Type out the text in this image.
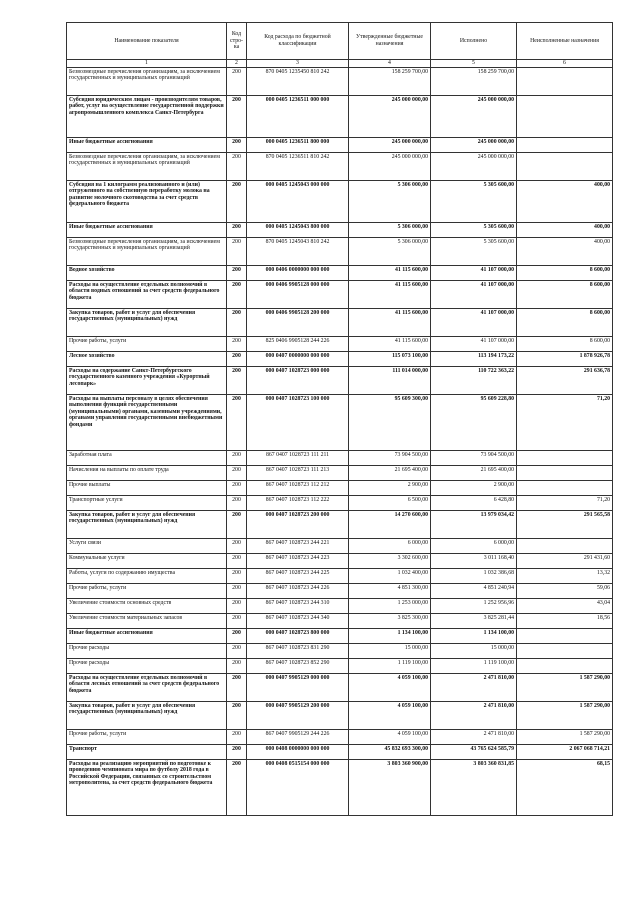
Наименование показателя	Код стро-ка	Код расхода по бюджетной классификации	Утвержденные бюджетные назначения	Исполнено	Неисполненные назначения
1	2	3	4	5	6
Безвозмездные перечисления организациям, за исключением государственных и муниципальных организаций	200	870 0405 1235450 810 242	158 259 700,00	158 259 700,00	
Субсидия юридическим лицам - производителям товаров, работ, услуг на осуществление государственной поддержки агропромышленного комплекса Санкт-Петербурга	200	000 0405 1236511 000 000	245 000 000,00	245 000 000,00	
Иные бюджетные ассигнования	200	000 0405 1236511 800 000	245 000 000,00	245 000 000,00	
Безвозмездные перечисления организациям, за исключением государственных и муниципальных организаций	200	870 0405 1236511 810 242	245 000 000,00	245 000 000,00	
Субсидия на 1 килограмм реализованного и (или) отгруженного на собственную переработку молока на развитие молочного скотоводства за счет средств федерального бюджета	200	000 0405 1245043 000 000	5 306 000,00	5 305 600,00	400,00
Иные бюджетные ассигнования	200	000 0405 1245043 800 000	5 306 000,00	5 305 600,00	400,00
Безвозмездные перечисления организациям, за исключением государственных и муниципальных организаций	200	870 0405 1245043 810 242	5 306 000,00	5 305 600,00	400,00
Водное хозяйство	200	000 0406 0000000 000 000	41 115 600,00	41 107 000,00	8 600,00
Расходы на осуществление отдельных полномочий в области водных отношений за счет средств федерального бюджета	200	000 0406 9905128 000 000	41 115 600,00	41 107 000,00	8 600,00
Закупка товаров, работ и услуг для обеспечения государственных (муниципальных) нужд	200	000 0406 9905128 200 000	41 115 600,00	41 107 000,00	8 600,00
Прочие работы, услуги	200	825 0406 9905128 244 226	41 115 600,00	41 107 000,00	8 600,00
Лесное хозяйство	200	000 0407 0000000 000 000	115 073 100,00	113 194 173,22	1 878 926,78
Расходы на содержание Санкт-Петербургского государственного казенного учреждения «Курортный лесопарк»	200	000 0407 1028723 000 000	111 014 000,00	110 722 363,22	291 636,78
Расходы на выплаты персоналу в целях обеспечения выполнения функций государственными (муниципальными) органами, казенными учреждениями, органами управления государственными внебюджетными фондами	200	000 0407 1028723 100 000	95 609 300,00	95 609 228,80	71,20
Заработная плата	200	867 0407 1028723 111 211	73 904 500,00	73 904 500,00	
Начисления на выплаты по оплате труда	200	867 0407 1028723 111 213	21 695 400,00	21 695 400,00	
Прочие выплаты	200	867 0407 1028723 112 212	2 900,00	2 900,00	
Транспортные услуги	200	867 0407 1028723 112 222	6 500,00	6 428,80	71,20
Закупка товаров, работ и услуг для обеспечения государственных (муниципальных) нужд	200	000 0407 1028723 200 000	14 270 600,00	13 979 034,42	291 565,58
Услуги связи	200	867 0407 1028723 244 221	6 000,00	6 000,00	
Коммунальные услуги	200	867 0407 1028723 244 223	3 302 600,00	3 011 168,40	291 431,60
Работы, услуги по содержанию имущества	200	867 0407 1028723 244 225	1 032 400,00	1 032 386,68	13,32
Прочие работы, услуги	200	867 0407 1028723 244 226	4 851 300,00	4 851 240,94	59,06
Увеличение стоимости основных средств	200	867 0407 1028723 244 310	1 253 000,00	1 252 956,96	43,04
Увеличение стоимости материальных запасов	200	867 0407 1028723 244 340	3 825 300,00	3 825 281,44	18,56
Иные бюджетные ассигнования	200	000 0407 1028723 800 000	1 134 100,00	1 134 100,00	
Прочие расходы	200	867 0407 1028723 831 290	15 000,00	15 000,00	
Прочие расходы	200	867 0407 1028723 852 290	1 119 100,00	1 119 100,00	
Расходы на осуществление отдельных полномочий в области лесных отношений за счет средств федерального бюджета	200	000 0407 9905129 000 000	4 059 100,00	2 471 810,00	1 587 290,00
Закупка товаров, работ и услуг для обеспечения государственных (муниципальных) нужд	200	000 0407 9905129 200 000	4 059 100,00	2 471 810,00	1 587 290,00
Прочие работы, услуги	200	867 0407 9905129 244 226	4 059 100,00	2 471 810,00	1 587 290,00
Транспорт	200	000 0408 0000000 000 000	45 832 693 300,00	43 765 624 585,79	2 067 068 714,21
Расходы на реализацию мероприятий по подготовке к проведению чемпионата мира по футболу 2018 года в Российской Федерации, связанных со строительством метрополитена, за счет средств федерального бюджета	200	000 0408 0515154 000 000	3 803 360 900,00	3 803 360 831,85	68,15
